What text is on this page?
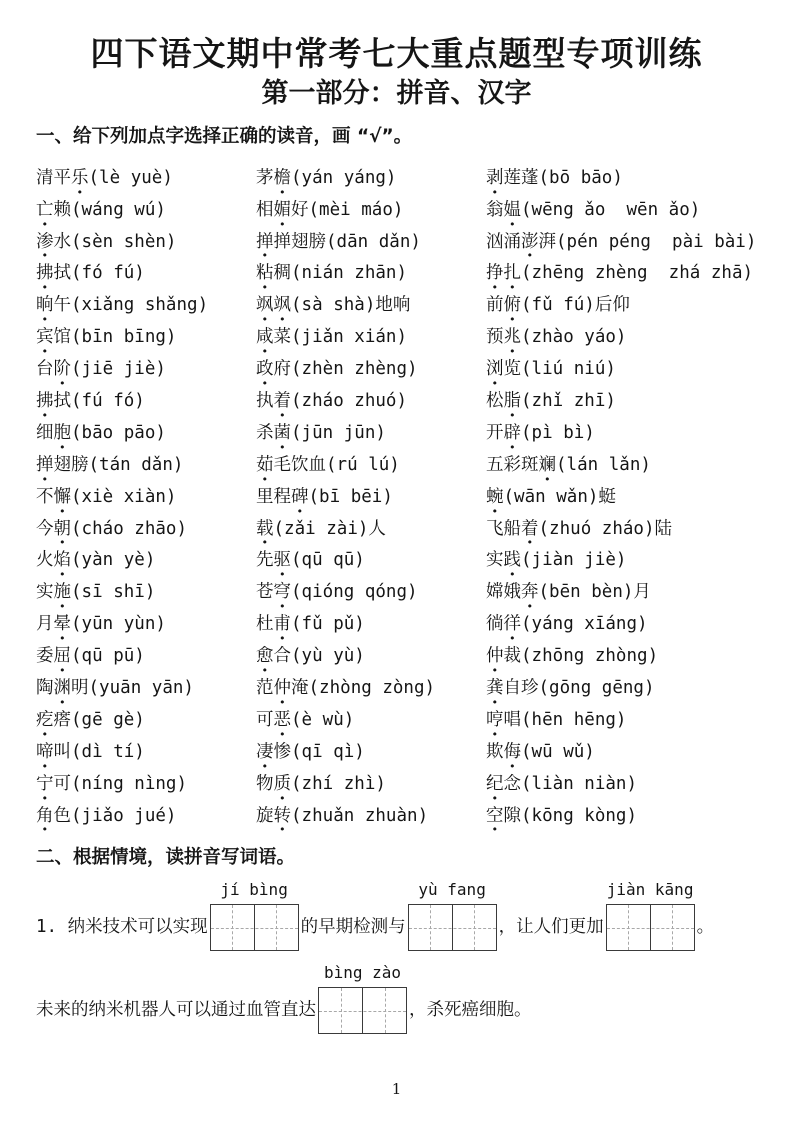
四下语文期中常考七大重点题型专项训练
第一部分：拼音、汉字
一、给下列加点字选择正确的读音，画 “√”。
清平乐(lè yuè)
亡赖(wáng wú)
渗水(sèn shèn)
拂拭(fó fú)
晌午(xiǎng shǎng)
宾馆(bīn bīng)
台阶(jiē jiè)
拂拭(fú fó)
细胞(bāo pāo)
掸翅膀(tán dǎn)
不懈(xiè xiàn)
今朝(cháo zhāo)
火焰(yàn yè)
实施(sī shī)
月晕(yūn yùn)
委屈(qū pū)
陶渊明(yuān yān)
疙瘩(gē gè)
啼叫(dì tí)
宁可(níng nìng)
角色(jiǎo jué)
茅檐(yán yáng)
相媚好(mèi máo)
掸掸翅膀(dān dǎn)
粘稠(nián zhān)
飒飒(sà shà)地响
咸菜(jiǎn xián)
政府(zhèn zhèng)
执着(zháo zhuó)
杀菌(jūn jūn)
茹毛饮血(rú lú)
里程碑(bī bēi)
载(zǎi zài)人
先驱(qū qū)
苍穹(qióng qóng)
杜甫(fǔ pǔ)
愈合(yù yù)
范仲淹(zhòng zòng)
可恶(è wù)
凄惨(qī qì)
物质(zhí zhì)
旋转(zhuǎn zhuàn)
剥莲蓬(bō bāo)
翁媪(wēng ǎo wēn ǎo)
汹涌澎湃(pén péng pài bài)
挣扎(zhēng zhèng zhá zhā)
前俯(fǔ fú)后仰
预兆(zhào yáo)
浏览(liú niú)
松脂(zhǐ zhī)
开辟(pì bì)
五彩斑斓(lán lǎn)
蜿(wān wǎn)蜓
飞船着(zhuó zháo)陆
实践(jiàn jiè)
嫦娥奔(bēn bèn)月
徜徉(yáng xīáng)
仲裁(zhōng zhòng)
龚自珍(gōng gēng)
哼唱(hēn hēng)
欺侮(wū wǔ)
纪念(liàn niàn)
空隙(kōng kòng)
二、根据情境，读拼音写词语。
1. 纳米技术可以实现
jí bìng
的早期检测与
yù fang
，让人们更加
jiàn kāng
。
未来的纳米机器人可以通过血管直达
bìng zào
，杀死癌细胞。
1
